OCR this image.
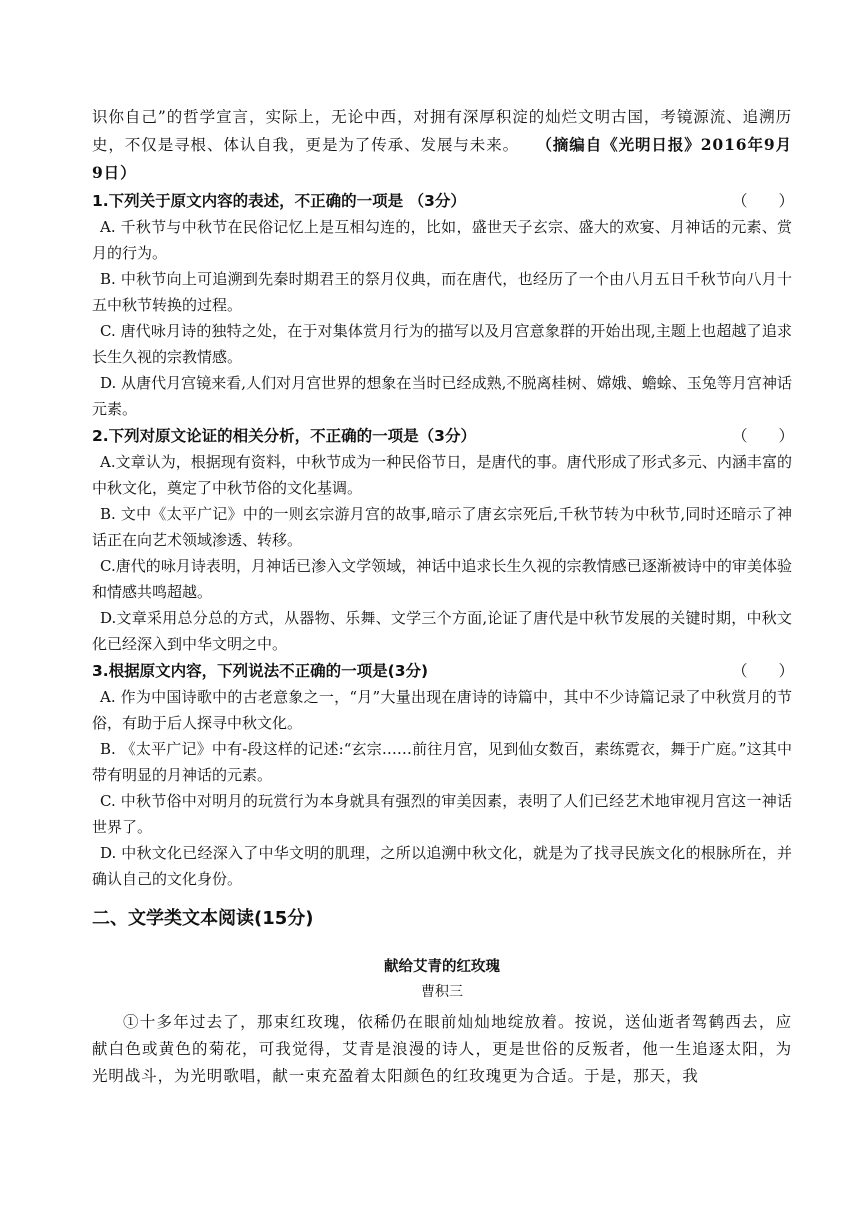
识你自己”的哲学宣言，实际上，无论中西，对拥有深厚积淀的灿烂文明古国，考镜源流、追溯历史，不仅是寻根、体认自我，更是为了传承、发展与未来。　　 （摘编自《光明日报》2016年9月9日）

1.下列关于原文内容的表述，不正确的一项是 （3分）	（　　）

A. 千秋节与中秋节在民俗记忆上是互相勾连的，比如，盛世天子玄宗、盛大的欢宴、月神话的元素、赏月的行为。

B. 中秋节向上可追溯到先秦时期君王的祭月仪典，而在唐代，也经历了一个由八月五日千秋节向八月十五中秋节转换的过程。

C. 唐代咏月诗的独特之处，在于对集体赏月行为的描写以及月宫意象群的开始出现,主题上也超越了追求长生久视的宗教情感。

D. 从唐代月宫镜来看,人们对月宫世界的想象在当时已经成熟,不脱离桂树、嫦娥、蟾蜍、玉兔等月宫神话元素。

2.下列对原文论证的相关分析，不正确的一项是（3分）	（　　）

A.文章认为，根据现有资料，中秋节成为一种民俗节日，是唐代的事。唐代形成了形式多元、内涵丰富的中秋文化，奠定了中秋节俗的文化基调。

B. 文中《太平广记》中的一则玄宗游月宫的故事,暗示了唐玄宗死后,千秋节转为中秋节,同时还暗示了神话正在向艺术领域渗透、转移。

C.唐代的咏月诗表明，月神话已渗入文学领域，神话中追求长生久视的宗教情感已逐渐被诗中的审美体验和情感共鸣超越。

D.文章采用总分总的方式，从器物、乐舞、文学三个方面,论证了唐代是中秋节发展的关键时期，中秋文化已经深入到中华文明之中。

3.根据原文内容，下列说法不正确的一项是(3分)	（　　）

A. 作为中国诗歌中的古老意象之一，“月”大量出现在唐诗的诗篇中，其中不少诗篇记录了中秋赏月的节俗，有助于后人探寻中秋文化。

B. 《太平广记》中有-段这样的记述:“玄宗……前往月宫，见到仙女数百，素练霓衣，舞于广庭。”这其中带有明显的月神话的元素。

C. 中秋节俗中对明月的玩赏行为本身就具有强烈的审美因素，表明了人们已经艺术地审视月宫这一神话世界了。

D. 中秋文化已经深入了中华文明的肌理，之所以追溯中秋文化，就是为了找寻民族文化的根脉所在，并确认自己的文化身份。

二、文学类文本阅读(15分)
献给艾青的红玫瑰
曹积三

①十多年过去了，那束红玫瑰，依稀仍在眼前灿灿地绽放着。按说，送仙逝者驾鹤西去，应献白色或黄色的菊花，可我觉得，艾青是浪漫的诗人，更是世俗的反叛者，他一生追逐太阳，为光明战斗，为光明歌唱，献一束充盈着太阳颜色的红玫瑰更为合适。于是，那天，我
